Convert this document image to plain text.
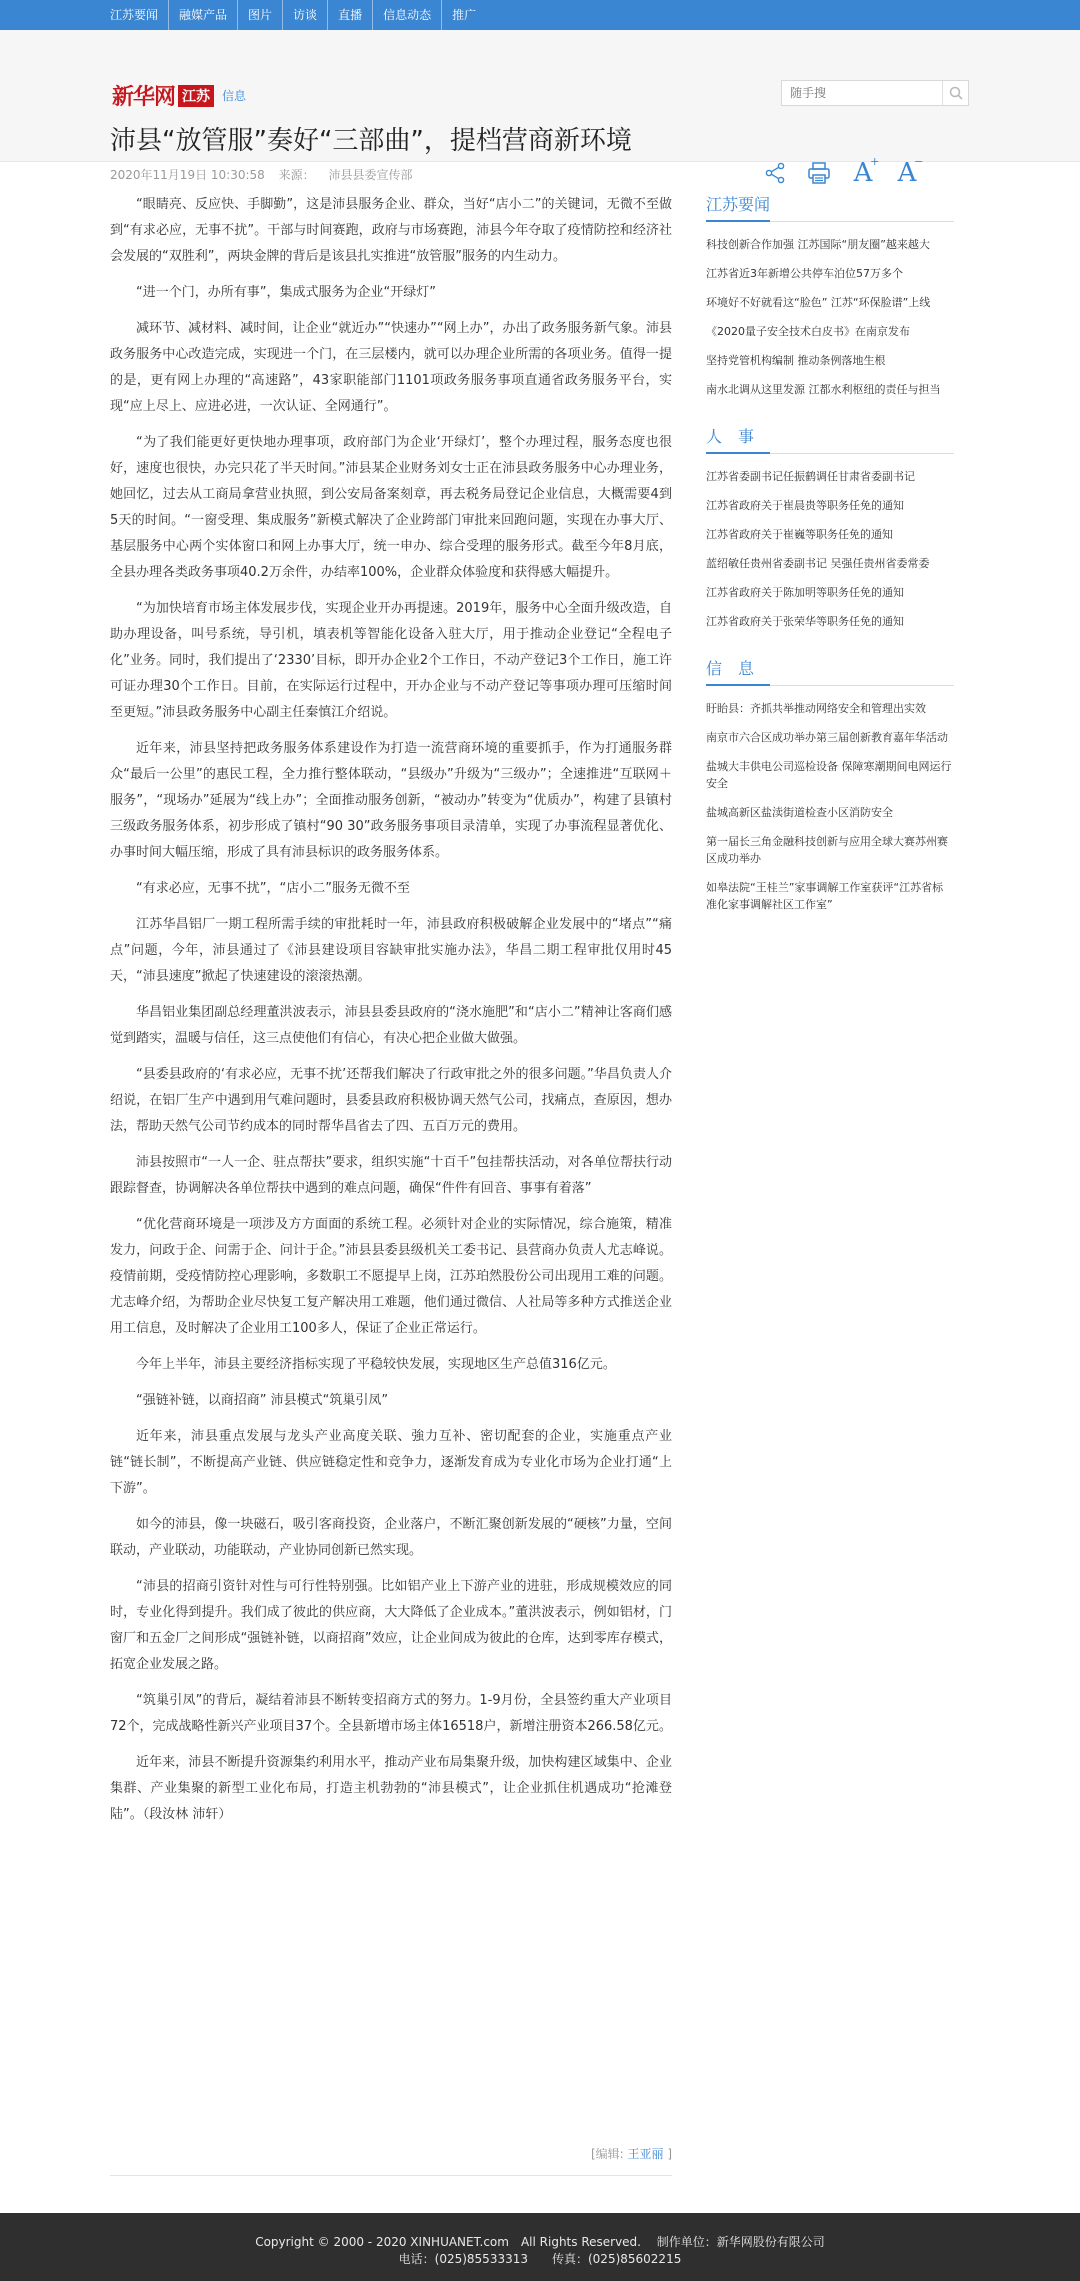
江苏要闻	融媒产品	图片	访谈	直播	信息动态	推广
新华网 江苏	信息
随手搜
沛县“放管服”奏好“三部曲”，提档营商新环境
2020年11月19日 10:30:58 来源： 沛县县委宣传部	A
+ A
−

“眼睛亮、反应快、手脚勤”，这是沛县服务企业、群众，当好“店小二”的关键词，无微不至做到“有求必应，无事不扰”。干部与时间赛跑，政府与市场赛跑，沛县今年夺取了疫情防控和经济社会发展的“双胜利”，两块金牌的背后是该县扎实推进“放管服”服务的内生动力。

“进一个门，办所有事”，集成式服务为企业“开绿灯”

减环节、减材料、减时间，让企业“就近办”“快速办”“网上办”，办出了政务服务新气象。沛县政务服务中心改造完成，实现进一个门，在三层楼内，就可以办理企业所需的各项业务。值得一提的是，更有网上办理的“高速路”，43家职能部门1101项政务服务事项直通省政务服务平台，实现“应上尽上、应进必进，一次认证、全网通行”。

“为了我们能更好更快地办理事项，政府部门为企业‘开绿灯’，整个办理过程，服务态度也很好，速度也很快，办完只花了半天时间。”沛县某企业财务刘女士正在沛县政务服务中心办理业务，她回忆，过去从工商局拿营业执照，到公安局备案刻章，再去税务局登记企业信息，大概需要4到5天的时间。“一窗受理、集成服务”新模式解决了企业跨部门审批来回跑问题，实现在办事大厅、基层服务中心两个实体窗口和网上办事大厅，统一申办、综合受理的服务形式。截至今年8月底，全县办理各类政务事项40.2万余件，办结率100%，企业群众体验度和获得感大幅提升。

“为加快培育市场主体发展步伐，实现企业开办再提速。2019年，服务中心全面升级改造，自助办理设备，叫号系统，导引机，填表机等智能化设备入驻大厅，用于推动企业登记“全程电子化”业务。同时，我们提出了‘2330’目标，即开办企业2个工作日，不动产登记3个工作日，施工许可证办理30个工作日。目前，在实际运行过程中，开办企业与不动产登记等事项办理可压缩时间至更短。”沛县政务服务中心副主任秦慎江介绍说。

近年来，沛县坚持把政务服务体系建设作为打造一流营商环境的重要抓手，作为打通服务群众“最后一公里”的惠民工程，全力推行整体联动，“县级办”升级为“三级办”；全速推进“互联网＋服务”，“现场办”延展为“线上办”；全面推动服务创新，“被动办”转变为“优质办”，构建了县镇村三级政务服务体系，初步形成了镇村“90 30”政务服务事项目录清单，实现了办事流程显著优化、办事时间大幅压缩，形成了具有沛县标识的政务服务体系。

“有求必应，无事不扰”，“店小二”服务无微不至

江苏华昌铝厂一期工程所需手续的审批耗时一年，沛县政府积极破解企业发展中的“堵点”“痛点”问题，今年，沛县通过了《沛县建设项目容缺审批实施办法》，华昌二期工程审批仅用时45天，“沛县速度”掀起了快速建设的滚滚热潮。

华昌铝业集团副总经理董洪波表示，沛县县委县政府的“浇水施肥”和“店小二”精神让客商们感觉到踏实，温暖与信任，这三点使他们有信心，有决心把企业做大做强。

“县委县政府的‘有求必应，无事不扰’还帮我们解决了行政审批之外的很多问题。”华昌负责人介绍说，在铝厂生产中遇到用气难问题时，县委县政府积极协调天然气公司，找痛点，查原因，想办法，帮助天然气公司节约成本的同时帮华昌省去了四、五百万元的费用。

沛县按照市“一人一企、驻点帮扶”要求，组织实施“十百千”包挂帮扶活动，对各单位帮扶行动跟踪督查，协调解决各单位帮扶中遇到的难点问题，确保“件件有回音、事事有着落”

“优化营商环境是一项涉及方方面面的系统工程。必须针对企业的实际情况，综合施策，精准发力，问政于企、问需于企、问计于企。”沛县县委县级机关工委书记、县营商办负责人尤志峰说。疫情前期，受疫情防控心理影响，多数职工不愿提早上岗，江苏珀然股份公司出现用工难的问题。尤志峰介绍，为帮助企业尽快复工复产解决用工难题，他们通过微信、人社局等多种方式推送企业用工信息，及时解决了企业用工100多人，保证了企业正常运行。

今年上半年，沛县主要经济指标实现了平稳较快发展，实现地区生产总值316亿元。

“强链补链，以商招商” 沛县模式“筑巢引凤”

近年来，沛县重点发展与龙头产业高度关联、強力互补、密切配套的企业，实施重点产业链“链长制”，不断提高产业链、供应链稳定性和竞争力，逐渐发育成为专业化市场为企业打通“上下游”。

如今的沛县，像一块磁石，吸引客商投资，企业落户，不断汇聚创新发展的“硬核”力量，空间联动，产业联动，功能联动，产业协同创新已然实现。

“沛县的招商引资针对性与可行性特别强。比如铝产业上下游产业的进驻，形成规模效应的同时，专业化得到提升。我们成了彼此的供应商，大大降低了企业成本。”董洪波表示，例如铝材，门窗厂和五金厂之间形成“强链补链，以商招商”效应，让企业间成为彼此的仓库，达到零库存模式，拓宽企业发展之路。

“筑巢引凤”的背后，凝结着沛县不断转变招商方式的努力。1-9月份，全县签约重大产业项目72个，完成战略性新兴产业项目37个。全县新增市场主体16518户，新增注册资本266.58亿元。

近年来，沛县不断提升资源集约利用水平，推动产业布局集聚升级，加快构建区域集中、企业集群、产业集聚的新型工业化布局，打造主机勃勃的“沛县模式”，让企业抓住机遇成功“抢滩登陆”。（段汝林 沛轩）

[编辑: 王亚丽 ]
江苏要闻
科技创新合作加强 江苏国际“朋友圈”越来越大
江苏省近3年新增公共停车泊位57万多个
环境好不好就看这“脸色” 江苏“环保脸谱”上线
《2020量子安全技术白皮书》在南京发布
坚持党管机构编制 推动条例落地生根
南水北调从这里发源 江都水利枢纽的责任与担当
人　事
江苏省委副书记任振鹤调任甘肃省委副书记
江苏省政府关于崔晨贵等职务任免的通知
江苏省政府关于崔巍等职务任免的通知
蓝绍敏任贵州省委副书记 吴强任贵州省委常委
江苏省政府关于陈加明等职务任免的通知
江苏省政府关于张荣华等职务任免的通知
信　息
盱眙县：齐抓共举推动网络安全和管理出实效
南京市六合区成功举办第三届创新教育嘉年华活动
盐城大丰供电公司巡检设备 保障寒潮期间电网运行安全
盐城高新区盐渎街道检查小区消防安全
第一届长三角金融科技创新与应用全球大赛苏州赛区成功举办
如皋法院“王桂兰”家事调解工作室获评“江苏省标准化家事调解社区工作室”
Copyright © 2000 - 2020 XINHUANET.com　All Rights Reserved.　 制作单位：新华网股份有限公司
电话：(025)85533313　　传真：(025)85602215
